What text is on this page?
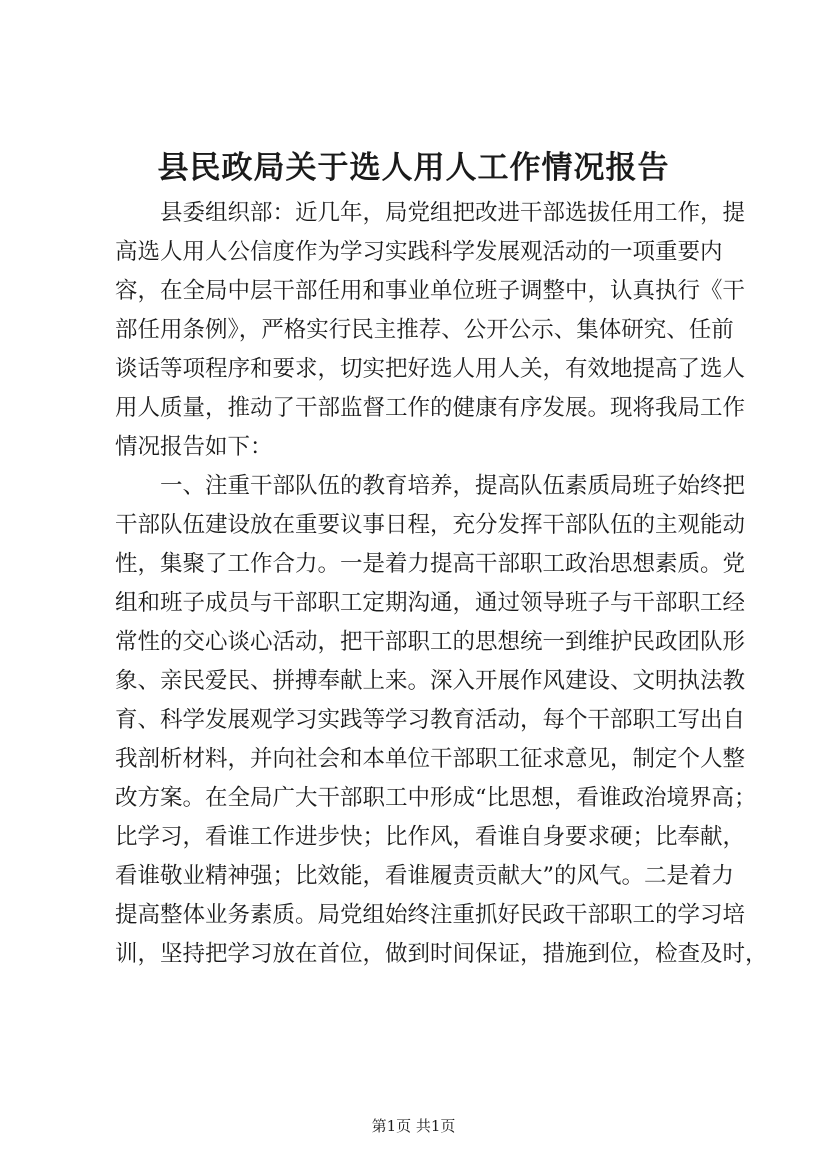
县民政局关于选人用人工作情况报告
县委组织部：近几年，局党组把改进干部选拔任用工作，提
高选人用人公信度作为学习实践科学发展观活动的一项重要内
容，在全局中层干部任用和事业单位班子调整中，认真执行《干
部任用条例》，严格实行民主推荐、公开公示、集体研究、任前
谈话等项程序和要求，切实把好选人用人关，有效地提高了选人
用人质量，推动了干部监督工作的健康有序发展。现将我局工作
情况报告如下：
一、注重干部队伍的教育培养，提高队伍素质局班子始终把
干部队伍建设放在重要议事日程，充分发挥干部队伍的主观能动
性，集聚了工作合力。一是着力提高干部职工政治思想素质。党
组和班子成员与干部职工定期沟通，通过领导班子与干部职工经
常性的交心谈心活动，把干部职工的思想统一到维护民政团队形
象、亲民爱民、拼搏奉献上来。深入开展作风建设、文明执法教
育、科学发展观学习实践等学习教育活动，每个干部职工写出自
我剖析材料，并向社会和本单位干部职工征求意见，制定个人整
改方案。在全局广大干部职工中形成“比思想，看谁政治境界高；
比学习，看谁工作进步快；比作风，看谁自身要求硬；比奉献，
看谁敬业精神强；比效能，看谁履责贡献大”的风气。二是着力
提高整体业务素质。局党组始终注重抓好民政干部职工的学习培
训，坚持把学习放在首位，做到时间保证，措施到位，检查及时，
第1页 共1页
